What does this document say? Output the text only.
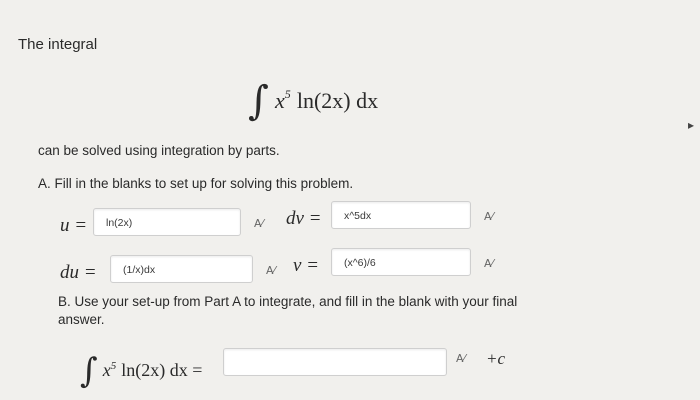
The integral
∫ $x^5$ ln(2x) dx
can be solved using integration by parts.
A. Fill in the blanks to set up for solving this problem.
u =	ln(2x)	A⁄ dv =	x^5dx	A⁄
du =	(1/x)dx	A⁄ v =	(x^6)/6	A⁄
B. Use your set-up from Part A to integrate, and fill in the blank with your final
answer.
∫ $x^5$ ln(2x) dx =
A⁄ +c
▸
